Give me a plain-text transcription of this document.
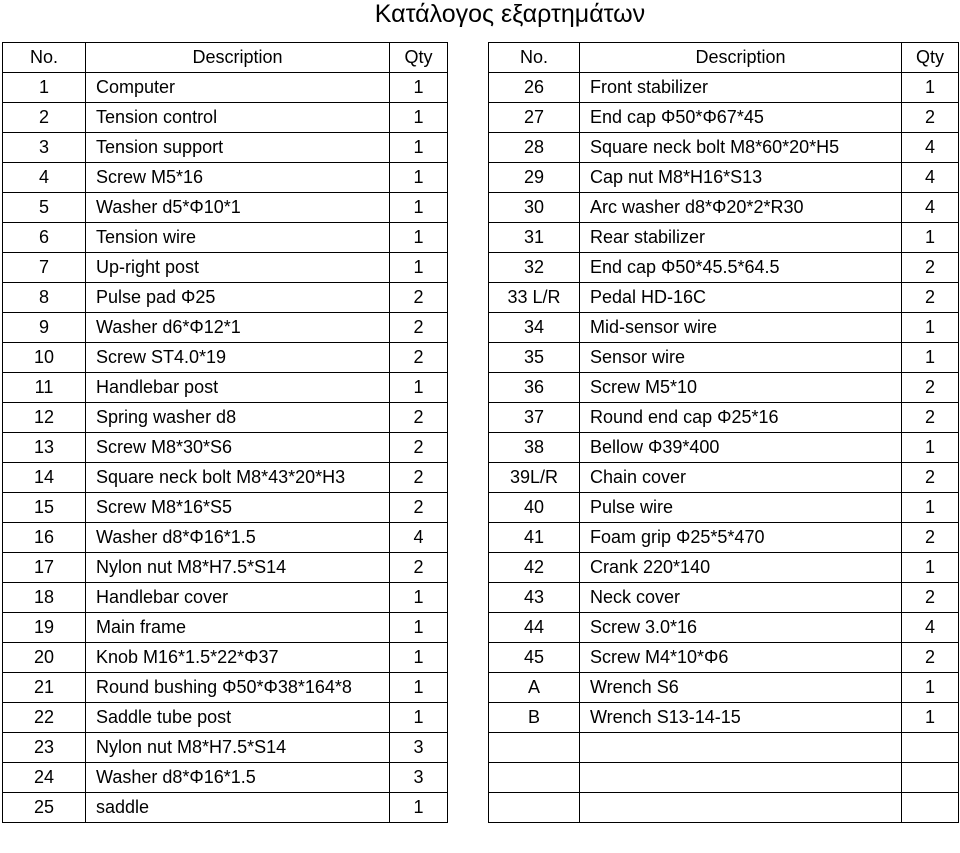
Κατάλογος εξαρτημάτων
No.	Description	Qty
1	Computer	1
2	Tension control	1
3	Tension support	1
4	Screw M5*16	1
5	Washer d5*Φ10*1	1
6	Tension wire	1
7	Up-right post	1
8	Pulse pad Φ25	2
9	Washer d6*Φ12*1	2
10	Screw ST4.0*19	2
11	Handlebar post	1
12	Spring washer d8	2
13	Screw M8*30*S6	2
14	Square neck bolt M8*43*20*H3	2
15	Screw M8*16*S5	2
16	Washer d8*Φ16*1.5	4
17	Nylon nut M8*H7.5*S14	2
18	Handlebar cover	1
19	Main frame	1
20	Knob M16*1.5*22*Φ37	1
21	Round bushing Φ50*Φ38*164*8	1
22	Saddle tube post	1
23	Nylon nut M8*H7.5*S14	3
24	Washer d8*Φ16*1.5	3
25	saddle	1
No.	Description	Qty
26	Front stabilizer	1
27	End cap Φ50*Φ67*45	2
28	Square neck bolt M8*60*20*H5	4
29	Cap nut M8*H16*S13	4
30	Arc washer d8*Φ20*2*R30	4
31	Rear stabilizer	1
32	End cap Φ50*45.5*64.5	2
33 L/R	Pedal HD-16C	2
34	Mid-sensor wire	1
35	Sensor wire	1
36	Screw M5*10	2
37	Round end cap Φ25*16	2
38	Bellow Φ39*400	1
39L/R	Chain cover	2
40	Pulse wire	1
41	Foam grip Φ25*5*470	2
42	Crank 220*140	1
43	Neck cover	2
44	Screw 3.0*16	4
45	Screw M4*10*Φ6	2
A	Wrench S6	1
B	Wrench S13-14-15	1
